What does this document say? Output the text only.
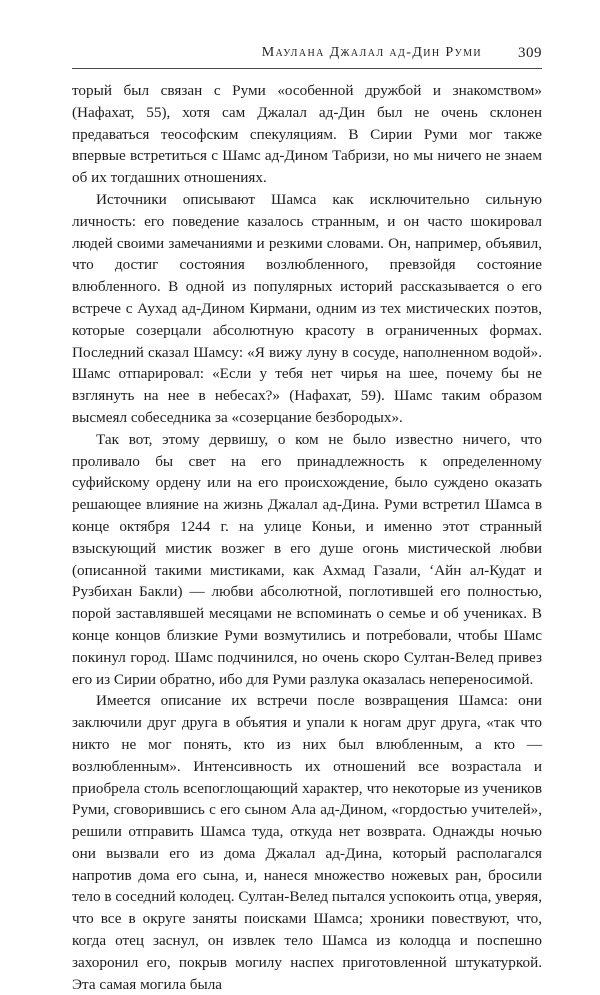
Маулана Джалал ад-Дин Руми 309

торый был связан с Руми «особенной дружбой и знакомством» (Нафахат, 55), хотя сам Джалал ад-Дин был не очень склонен предаваться теософским спекуляциям. В Сирии Руми мог также впервые встретиться с Шамс ад-Дином Табризи, но мы ничего не знаем об их тогдашних отношениях.

Источники описывают Шамса как исключительно сильную личность: его поведение казалось странным, и он часто шокировал людей своими замечаниями и резкими словами. Он, например, объявил, что достиг состояния возлюбленного, превзойдя состояние влюбленного. В одной из популярных историй рассказывается о его встрече с Аухад ад-Дином Кирмани, одним из тех мистических поэтов, которые созерцали абсолютную красоту в ограниченных формах. Последний сказал Шамсу: «Я вижу луну в сосуде, наполненном водой». Шамс отпарировал: «Если у тебя нет чирья на шее, почему бы не взглянуть на нее в небесах?» (Нафахат, 59). Шамс таким образом высмеял собеседника за «созерцание безбородых».

Так вот, этому дервишу, о ком не было известно ничего, что проливало бы свет на его принадлежность к определенному суфийскому ордену или на его происхождение, было суждено оказать решающее влияние на жизнь Джалал ад-Дина. Руми встретил Шамса в конце октября 1244 г. на улице Коньи, и именно этот странный взыскующий мистик возжег в его душе огонь мистической любви (описанной такими мистиками, как Ахмад Газали, ‘Айн ал-Кудат и Рузбихан Бакли) — любви абсолютной, поглотившей его полностью, порой заставлявшей месяцами не вспоминать о семье и об учениках. В конце концов близкие Руми возмутились и потребовали, чтобы Шамс покинул город. Шамс подчинился, но очень скоро Султан-Велед привез его из Сирии обратно, ибо для Руми разлука оказалась непереносимой.

Имеется описание их встречи после возвращения Шамса: они заключили друг друга в объятия и упали к ногам друг друга, «так что никто не мог понять, кто из них был влюбленным, а кто — возлюбленным». Интенсивность их отношений все возрастала и приобрела столь всепоглощающий характер, что некоторые из учеников Руми, сговорившись с его сыном Ала ад-Дином, «гордостью учителей», решили отправить Шамса туда, откуда нет возврата. Однажды ночью они вызвали его из дома Джалал ад-Дина, который располагался напротив дома его сына, и, нанеся множество ножевых ран, бросили тело в соседний колодец. Султан-Велед пытался успокоить отца, уверяя, что все в округе заняты поисками Шамса; хроники повествуют, что, когда отец заснул, он извлек тело Шамса из колодца и поспешно захоронил его, покрыв могилу наспех приготовленной штукатуркой. Эта самая могила была
